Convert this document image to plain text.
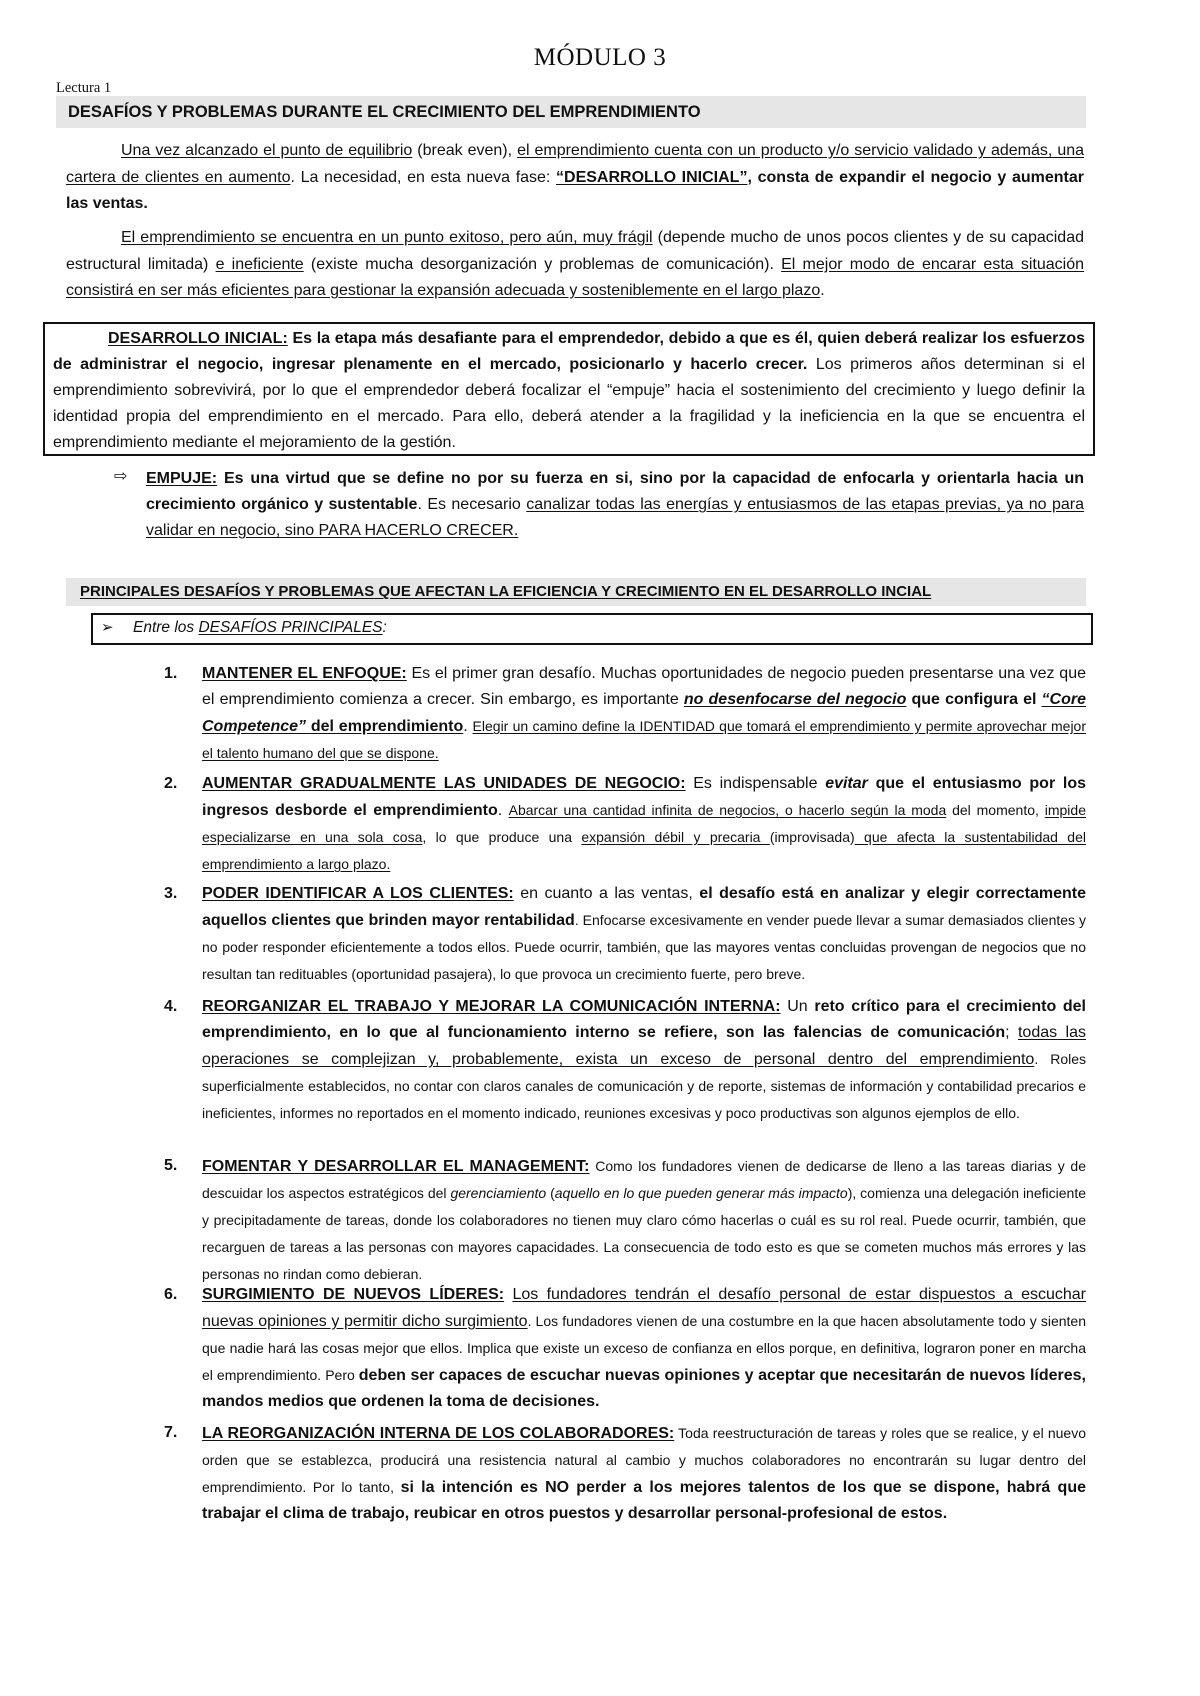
MÓDULO 3
Lectura 1
DESAFÍOS Y PROBLEMAS DURANTE EL CRECIMIENTO DEL EMPRENDIMIENTO
Una vez alcanzado el punto de equilibrio (break even), el emprendimiento cuenta con un producto y/o servicio validado y además, una cartera de clientes en aumento. La necesidad, en esta nueva fase: “DESARROLLO INICIAL”, consta de expandir el negocio y aumentar las ventas.
El emprendimiento se encuentra en un punto exitoso, pero aún, muy frágil (depende mucho de unos pocos clientes y de su capacidad estructural limitada) e ineficiente (existe mucha desorganización y problemas de comunicación). El mejor modo de encarar esta situación consistirá en ser más eficientes para gestionar la expansión adecuada y sosteniblemente en el largo plazo.
DESARROLLO INICIAL: Es la etapa más desafiante para el emprendedor, debido a que es él, quien deberá realizar los esfuerzos de administrar el negocio, ingresar plenamente en el mercado, posicionarlo y hacerlo crecer. Los primeros años determinan si el emprendimiento sobrevivirá, por lo que el emprendedor deberá focalizar el “empuje” hacia el sostenimiento del crecimiento y luego definir la identidad propia del emprendimiento en el mercado. Para ello, deberá atender a la fragilidad y la ineficiencia en la que se encuentra el emprendimiento mediante el mejoramiento de la gestión.
⇨ EMPUJE: Es una virtud que se define no por su fuerza en si, sino por la capacidad de enfocarla y orientarla hacia un crecimiento orgánico y sustentable. Es necesario canalizar todas las energías y entusiasmos de las etapas previas, ya no para validar en negocio, sino PARA HACERLO CRECER.
PRINCIPALES DESAFÍOS Y PROBLEMAS QUE AFECTAN LA EFICIENCIA Y CRECIMIENTO EN EL DESARROLLO INCIAL
➢ Entre los DESAFÍOS PRINCIPALES:
1. MANTENER EL ENFOQUE: Es el primer gran desafío. Muchas oportunidades de negocio pueden presentarse una vez que el emprendimiento comienza a crecer. Sin embargo, es importante no desenfocarse del negocio que configura el “Core Competence” del emprendimiento. Elegir un camino define la IDENTIDAD que tomará el emprendimiento y permite aprovechar mejor el talento humano del que se dispone.
2. AUMENTAR GRADUALMENTE LAS UNIDADES DE NEGOCIO: Es indispensable evitar que el entusiasmo por los ingresos desborde el emprendimiento. Abarcar una cantidad infinita de negocios, o hacerlo según la moda del momento, impide especializarse en una sola cosa, lo que produce una expansión débil y precaria (improvisada) que afecta la sustentabilidad del emprendimiento a largo plazo.
3. PODER IDENTIFICAR A LOS CLIENTES: en cuanto a las ventas, el desafío está en analizar y elegir correctamente aquellos clientes que brinden mayor rentabilidad. Enfocarse excesivamente en vender puede llevar a sumar demasiados clientes y no poder responder eficientemente a todos ellos. Puede ocurrir, también, que las mayores ventas concluidas provengan de negocios que no resultan tan redituables (oportunidad pasajera), lo que provoca un crecimiento fuerte, pero breve.
4. REORGANIZAR EL TRABAJO Y MEJORAR LA COMUNICACIÓN INTERNA: Un reto crítico para el crecimiento del emprendimiento, en lo que al funcionamiento interno se refiere, son las falencias de comunicación; todas las operaciones se complejizan y, probablemente, exista un exceso de personal dentro del emprendimiento. Roles superficialmente establecidos, no contar con claros canales de comunicación y de reporte, sistemas de información y contabilidad precarios e ineficientes, informes no reportados en el momento indicado, reuniones excesivas y poco productivas son algunos ejemplos de ello.
5. FOMENTAR Y DESARROLLAR EL MANAGEMENT: Como los fundadores vienen de dedicarse de lleno a las tareas diarias y de descuidar los aspectos estratégicos del gerenciamiento (aquello en lo que pueden generar más impacto), comienza una delegación ineficiente y precipitadamente de tareas, donde los colaboradores no tienen muy claro cómo hacerlas o cuál es su rol real. Puede ocurrir, también, que recarguen de tareas a las personas con mayores capacidades. La consecuencia de todo esto es que se cometen muchos más errores y las personas no rindan como debieran.
6. SURGIMIENTO DE NUEVOS LÍDERES: Los fundadores tendrán el desafío personal de estar dispuestos a escuchar nuevas opiniones y permitir dicho surgimiento. Los fundadores vienen de una costumbre en la que hacen absolutamente todo y sienten que nadie hará las cosas mejor que ellos. Implica que existe un exceso de confianza en ellos porque, en definitiva, lograron poner en marcha el emprendimiento. Pero deben ser capaces de escuchar nuevas opiniones y aceptar que necesitarán de nuevos líderes, mandos medios que ordenen la toma de decisiones.
7. LA REORGANIZACIÓN INTERNA DE LOS COLABORADORES: Toda reestructuración de tareas y roles que se realice, y el nuevo orden que se establezca, producirá una resistencia natural al cambio y muchos colaboradores no encontrarán su lugar dentro del emprendimiento. Por lo tanto, si la intención es NO perder a los mejores talentos de los que se dispone, habrá que trabajar el clima de trabajo, reubicar en otros puestos y desarrollar personal-profesional de estos.
